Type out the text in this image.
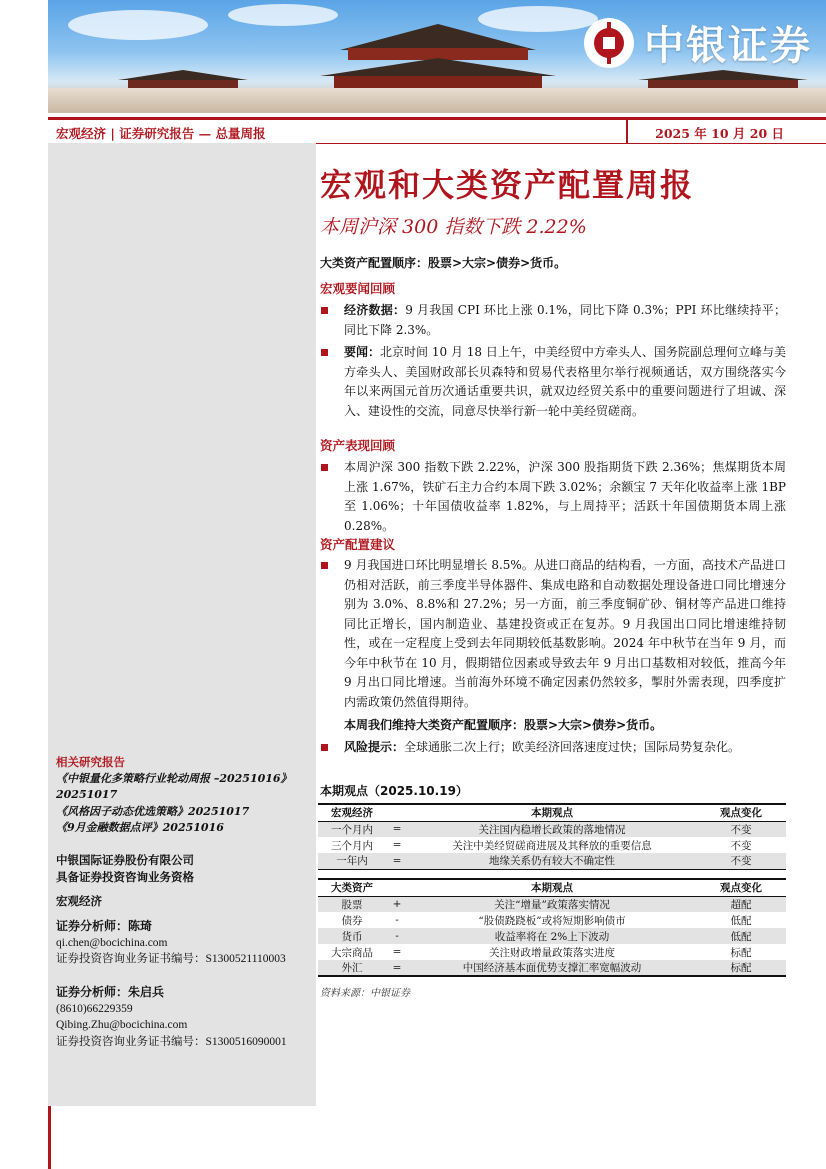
中银证券
宏观经济 | 证券研究报告 — 总量周报	2025 年 10 月 20 日
相关研究报告
《中银量化多策略行业轮动周报 –20251016》20251017
《风格因子动态优选策略》20251017
《9月金融数据点评》20251016
中银国际证券股份有限公司
具备证券投资咨询业务资格
宏观经济
证券分析师：陈琦
qi.chen@bocichina.com
证券投资咨询业务证书编号：S1300521110003
证券分析师：朱启兵
(8610)66229359
Qibing.Zhu@bocichina.com
证券投资咨询业务证书编号：S1300516090001
宏观和大类资产配置周报
本周沪深 300 指数下跌 2.22%
大类资产配置顺序：股票>大宗>债券>货币。
宏观要闻回顾
经济数据：9 月我国 CPI 环比上涨 0.1%，同比下降 0.3%；PPI 环比继续持平；同比下降 2.3%。
要闻：北京时间 10 月 18 日上午，中美经贸中方牵头人、国务院副总理何立峰与美方牵头人、美国财政部长贝森特和贸易代表格里尔举行视频通话，双方围绕落实今年以来两国元首历次通话重要共识，就双边经贸关系中的重要问题进行了坦诚、深入、建设性的交流，同意尽快举行新一轮中美经贸磋商。
资产表现回顾
本周沪深 300 指数下跌 2.22%，沪深 300 股指期货下跌 2.36%；焦煤期货本周上涨 1.67%，铁矿石主力合约本周下跌 3.02%；余额宝 7 天年化收益率上涨 1BP 至 1.06%；十年国债收益率 1.82%，与上周持平；活跃十年国债期货本周上涨 0.28%。
资产配置建议
9 月我国进口环比明显增长 8.5%。从进口商品的结构看，一方面，高技术产品进口仍相对活跃，前三季度半导体器件、集成电路和自动数据处理设备进口同比增速分别为 3.0%、8.8%和 27.2%；另一方面，前三季度铜矿砂、铜材等产品进口维持同比正增长，国内制造业、基建投资或正在复苏。9 月我国出口同比增速维持韧性，或在一定程度上受到去年同期较低基数影响。2024 年中秋节在当年 9 月，而今年中秋节在 10 月，假期错位因素或导致去年 9 月出口基数相对较低，推高今年 9 月出口同比增速。当前海外环境不确定因素仍然较多，掣肘外需表现，四季度扩内需政策仍然值得期待。
本周我们维持大类资产配置顺序：股票>大宗>债券>货币。
风险提示：全球通胀二次上行；欧美经济回落速度过快；国际局势复杂化。
本期观点（2025.10.19）
宏观经济		本期观点	观点变化
一个月内	=	关注国内稳增长政策的落地情况	不变
三个月内	=	关注中美经贸磋商进展及其释放的重要信息	不变
一年内	=	地缘关系仍有较大不确定性	不变
大类资产		本期观点	观点变化
股票	+	关注“增量”政策落实情况	超配
债券	-	“股债跷跷板”或将短期影响债市	低配
货币	-	收益率将在 2%上下波动	低配
大宗商品	=	关注财政增量政策落实进度	标配
外汇	=	中国经济基本面优势支撑汇率宽幅波动	标配
资料来源：中银证券
